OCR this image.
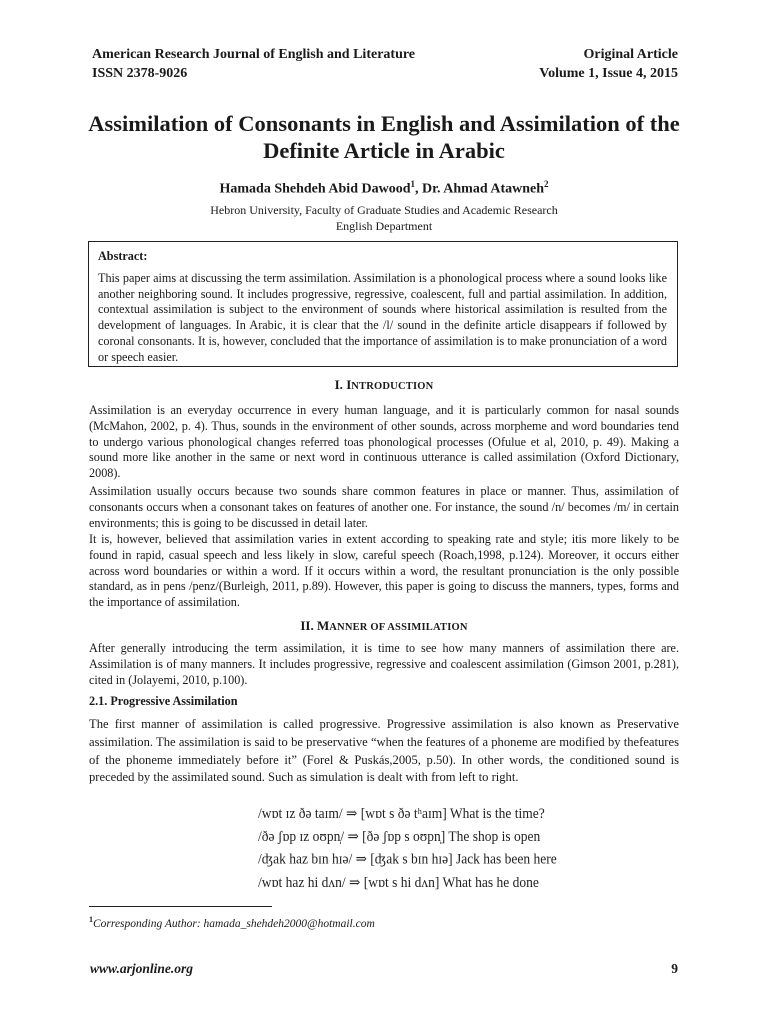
American Research Journal of English and Literature	Original Article
ISSN 2378-9026	Volume 1, Issue 4, 2015
Assimilation of Consonants in English and Assimilation of the Definite Article in Arabic
Hamada Shehdeh Abid Dawood$^1$, Dr. Ahmad Atawneh$^2$
Hebron University, Faculty of Graduate Studies and Academic Research
English Department
Abstract:
This paper aims at discussing the term assimilation. Assimilation is a phonological process where a sound looks like another neighboring sound. It includes progressive, regressive, coalescent, full and partial assimilation. In addition, contextual assimilation is subject to the environment of sounds where historical assimilation is resulted from the development of languages. In Arabic, it is clear that the /l/ sound in the definite article disappears if followed by coronal consonants. It is, however, concluded that the importance of assimilation is to make pronunciation of a word or speech easier.
I. INTRODUCTION
Assimilation is an everyday occurrence in every human language, and it is particularly common for nasal sounds (McMahon, 2002, p. 4). Thus, sounds in the environment of other sounds, across morpheme and word boundaries tend to undergo various phonological changes referred toas phonological processes (Ofulue et al, 2010, p. 49). Making a sound more like another in the same or next word in continuous utterance is called assimilation (Oxford Dictionary, 2008).
Assimilation usually occurs because two sounds share common features in place or manner. Thus, assimilation of consonants occurs when a consonant takes on features of another one. For instance, the sound /n/ becomes /m/ in certain environments; this is going to be discussed in detail later.
It is, however, believed that assimilation varies in extent according to speaking rate and style; itis more likely to be found in rapid, casual speech and less likely in slow, careful speech (Roach,1998, p.124). Moreover, it occurs either across word boundaries or within a word. If it occurs within a word, the resultant pronunciation is the only possible standard, as in pens /penz/(Burleigh, 2011, p.89). However, this paper is going to discuss the manners, types, forms and the importance of assimilation.
II. MANNER OF ASSIMILATION
After generally introducing the term assimilation, it is time to see how many manners of assimilation there are. Assimilation is of many manners. It includes progressive, regressive and coalescent assimilation (Gimson 2001, p.281), cited in (Jolayemi, 2010, p.100).
2.1. Progressive Assimilation
The first manner of assimilation is called progressive. Progressive assimilation is also known as Preservative assimilation. The assimilation is said to be preservative “when the features of a phoneme are modified by thefeatures of the phoneme immediately before it” (Forel & Puskás,2005, p.50). In other words, the conditioned sound is preceded by the assimilated sound. Such as simulation is dealt with from left to right.
/wɒt ɪz ðə taɪm/ ⇒ [wɒt s ðə tʰaɪm] What is the time?
/ðə ʃɒp ɪz oʊpn̩/ ⇒ [ðə ʃɒp s oʊpn̩] The shop is open
/ʤak haz bɪn hɪə/ ⇒ [ʤak s bɪn hɪə] Jack has been here
/wɒt haz hi dʌn/ ⇒ [wɒt s hi dʌn] What has he done
$^1$Corresponding Author: hamada_shehdeh2000@hotmail.com
www.arjonline.org	9
